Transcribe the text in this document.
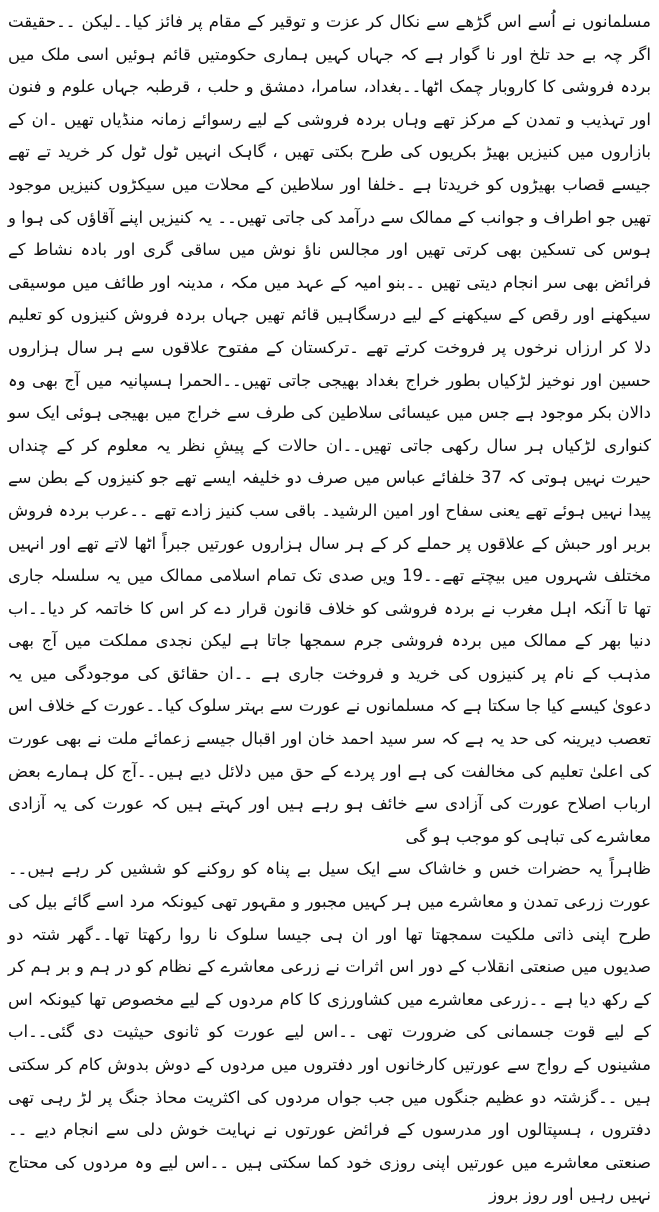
مسلمانوں نے اُسے اس گڑھے سے نکال کر عزت و توقیر کے مقام پر فائز کیا۔۔لیکن ۔۔حقیقت اگر چہ بے حد تلخ اور نا گوار ہے کہ جہاں کہیں ہماری حکومتیں قائم ہوئیں اسی ملک میں بردہ فروشی کا کاروبار چمک اٹھا۔۔بغداد، سامرا، دمشق و حلب ، قرطبہ جہاں علوم و فنون اور تہذیب و تمدن کے مرکز تھے وہاں بردہ فروشی کے لیے رسوائے زمانہ منڈیاں تھیں ۔ان کے بازاروں میں کنیزیں بھیڑ بکریوں کی طرح بکتی تھیں ، گاہک انہیں ٹول ٹول کر خرید تے تھے جیسے قصاب بھیڑوں کو خریدتا ہے ۔خلفا اور سلاطین کے محلات میں سیکڑوں کنیزیں موجود تھیں جو اطراف و جوانب کے ممالک سے درآمد کی جاتی تھیں۔۔ یہ کنیزیں اپنے آقاؤں کی ہوا و ہوس کی تسکین بھی کرتی تھیں اور مجالس ناؤ نوش میں ساقی گری اور بادہ نشاط کے فرائض بھی سر انجام دیتی تھیں ۔۔بنو امیہ کے عہد میں مکہ ، مدینہ اور طائف میں موسیقی سیکھنے اور رقص کے سیکھنے کے لیے درسگاہیں قائم تھیں جہاں بردہ فروش کنیزوں کو تعلیم دلا کر ارزاں نرخوں پر فروخت کرتے تھے ۔ترکستان کے مفتوح علاقوں سے ہر سال ہزاروں حسین اور نوخیز لڑکیاں بطور خراج بغداد بھیجی جاتی تھیں۔۔الحمرا ہسپانیہ میں آج بھی وہ دالان بکر موجود ہے جس میں عیسائی سلاطین کی طرف سے خراج میں بھیجی ہوئی ایک سو کنواری لڑکیاں ہر سال رکھی جاتی تھیں۔۔ان حالات کے پیشِ نظر یہ معلوم کر کے چنداں حیرت نہیں ہوتی کہ 37 خلفائے عباس میں صرف دو خلیفہ ایسے تھے جو کنیزوں کے بطن سے پیدا نہیں ہوئے تھے یعنی سفاح اور امین الرشید۔ باقی سب کنیز زادے تھے ۔۔عرب بردہ فروش بربر اور حبش کے علاقوں پر حملے کر کے ہر سال ہزاروں عورتیں جبراً اٹھا لاتے تھے اور انہیں مختلف شہروں میں بیچتے تھے۔۔19 ویں صدی تک تمام اسلامی ممالک میں یہ سلسلہ جاری تھا تا آنکہ اہل مغرب نے بردہ فروشی کو خلاف قانون قرار دے کر اس کا خاتمہ کر دیا۔۔اب دنیا بھر کے ممالک میں بردہ فروشی جرم سمجھا جاتا ہے لیکن نجدی مملکت میں آج بھی مذہب کے نام پر کنیزوں کی خرید و فروخت جاری ہے ۔۔ان حقائق کی موجودگی میں یہ دعویٰ کیسے کیا جا سکتا ہے کہ مسلمانوں نے عورت سے بہتر سلوک کیا۔۔عورت کے خلاف اس تعصب دیرینہ کی حد یہ ہے کہ سر سید احمد خان اور اقبال جیسے زعمائے ملت نے بھی عورت کی اعلیٰ تعلیم کی مخالفت کی ہے اور پردے کے حق میں دلائل دیے ہیں۔۔آج کل ہمارے بعض ارباب اصلاح عورت کی آزادی سے خائف ہو رہے ہیں اور کہتے ہیں کہ عورت کی یہ آزادی معاشرے کی تباہی کو موجب ہو گی

ظاہراً یہ حضرات خس و خاشاک سے ایک سیل بے پناہ کو روکنے کو ششیں کر رہے ہیں۔۔عورت زرعی تمدن و معاشرے میں ہر کہیں مجبور و مقہور تھی کیونکہ مرد اسے گائے بیل کی طرح اپنی ذاتی ملکیت سمجھتا تھا اور ان ہی جیسا سلوک نا روا رکھتا تھا۔۔گھر شتہ دو صدیوں میں صنعتی انقلاب کے دور اس اثرات نے زرعی معاشرے کے نظام کو در ہم و بر ہم کر کے رکھ دیا ہے ۔۔زرعی معاشرے میں کشاورزی کا کام مردوں کے لیے مخصوص تھا کیونکہ اس کے لیے قوت جسمانی کی ضرورت تھی ۔۔اس لیے عورت کو ثانوی حیثیت دی گئی۔۔اب مشینوں کے رواج سے عورتیں کارخانوں اور دفتروں میں مردوں کے دوش بدوش کام کر سکتی ہیں ۔۔گزشتہ دو عظیم جنگوں میں جب جواں مردوں کی اکثریت محاذ جنگ پر لڑ رہی تھی دفتروں ، ہسپتالوں اور مدرسوں کے فرائض عورتوں نے نہایت خوش دلی سے انجام دیے ۔۔صنعتی معاشرے میں عورتیں اپنی روزی خود کما سکتی ہیں ۔۔اس لیے وہ مردوں کی محتاج نہیں رہیں اور روز بروز
